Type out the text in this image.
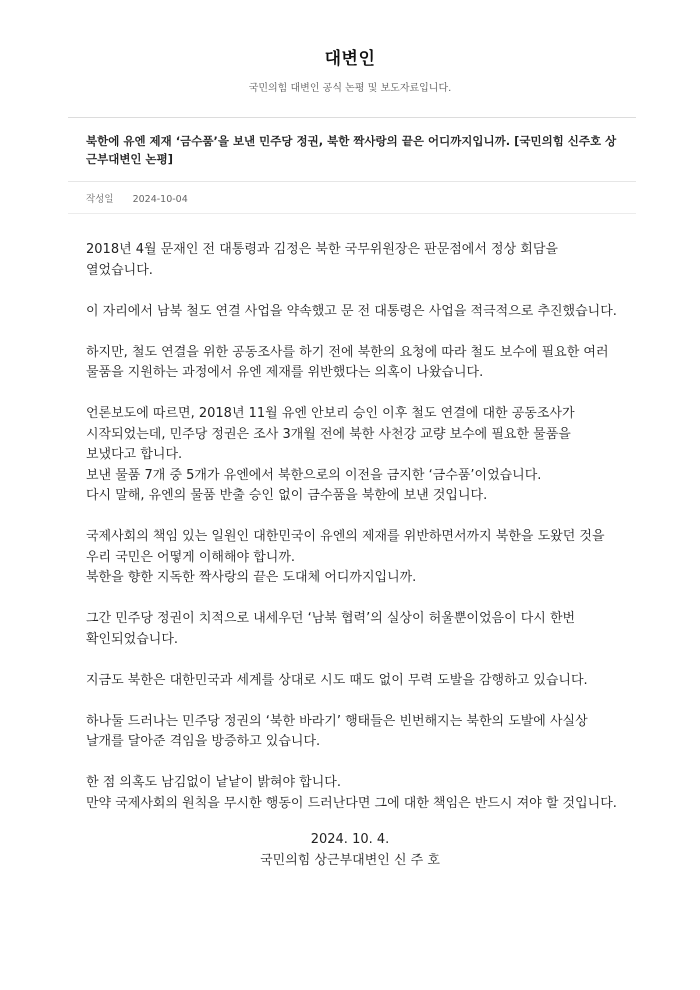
대변인
국민의힘 대변인 공식 논평 및 보도자료입니다.
북한에 유엔 제재 ‘금수품’을 보낸 민주당 정권, 북한 짝사랑의 끝은 어디까지입니까. [국민의힘 신주호 상근부대변인 논평]
작성일 2024-10-04

2018년 4월 문재인 전 대통령과 김정은 북한 국무위원장은 판문점에서 정상 회담을 열었습니다.

이 자리에서 남북 철도 연결 사업을 약속했고 문 전 대통령은 사업을 적극적으로 추진했습니다.

하지만, 철도 연결을 위한 공동조사를 하기 전에 북한의 요청에 따라 철도 보수에 필요한 여러 물품을 지원하는 과정에서 유엔 제재를 위반했다는 의혹이 나왔습니다.

언론보도에 따르면, 2018년 11월 유엔 안보리 승인 이후 철도 연결에 대한 공동조사가 시작되었는데, 민주당 정권은 조사 3개월 전에 북한 사천강 교량 보수에 필요한 물품을 보냈다고 합니다.
보낸 물품 7개 중 5개가 유엔에서 북한으로의 이전을 금지한 ‘금수품’이었습니다.
다시 말해, 유엔의 물품 반출 승인 없이 금수품을 북한에 보낸 것입니다.

국제사회의 책임 있는 일원인 대한민국이 유엔의 제재를 위반하면서까지 북한을 도왔던 것을 우리 국민은 어떻게 이해해야 합니까.
북한을 향한 지독한 짝사랑의 끝은 도대체 어디까지입니까.

그간 민주당 정권이 치적으로 내세우던 ‘남북 협력’의 실상이 허울뿐이었음이 다시 한번 확인되었습니다.

지금도 북한은 대한민국과 세계를 상대로 시도 때도 없이 무력 도발을 감행하고 있습니다.

하나둘 드러나는 민주당 정권의 ‘북한 바라기’ 행태들은 빈번해지는 북한의 도발에 사실상 날개를 달아준 격임을 방증하고 있습니다.

한 점 의혹도 남김없이 낱낱이 밝혀야 합니다.
만약 국제사회의 원칙을 무시한 행동이 드러난다면 그에 대한 책임은 반드시 져야 할 것입니다.

2024. 10. 4.
국민의힘 상근부대변인 신 주 호
